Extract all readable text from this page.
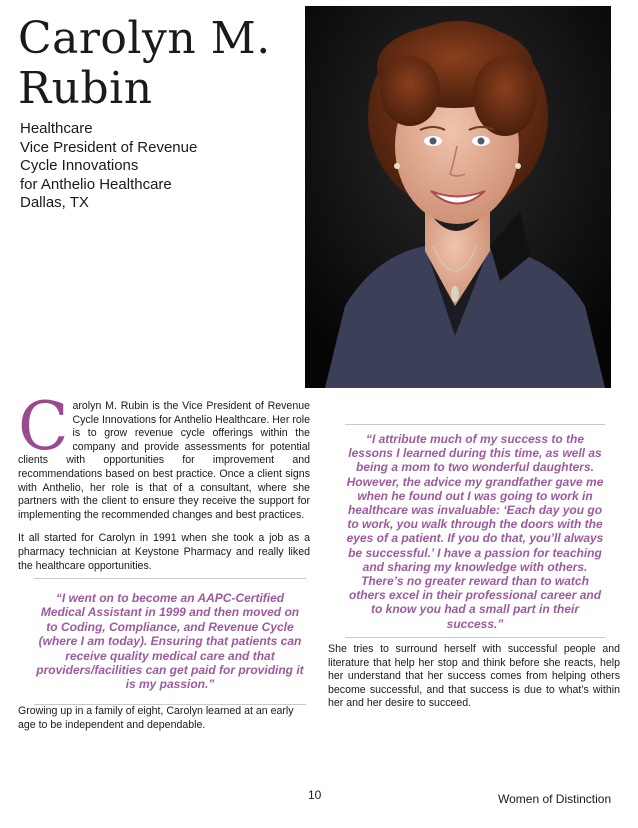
Carolyn M.
Rubin
Healthcare
Vice President of Revenue
Cycle Innovations
for Anthelio Healthcare
Dallas, TX

Carolyn M. Rubin is the Vice President of Revenue Cycle Innovations for Anthelio Healthcare. Her role is to grow revenue cycle offerings within the company and provide assessments for potential clients with opportunities for improvement and recommendations based on best practice. Once a client signs with Anthelio, her role is that of a consultant, where she partners with the client to ensure they receive the support for implementing the recommended changes and best practices.

It all started for Carolyn in 1991 when she took a job as a pharmacy technician at Keystone Pharmacy and really liked the healthcare opportunities.

“I went on to become an AAPC-Certified Medical Assistant in 1999 and then moved on to Coding, Compliance, and Revenue Cycle (where I am today). Ensuring that patients can receive quality medical care and that providers/facilities can get paid for providing it is my passion.”
Growing up in a family of eight, Carolyn learned at an early age to be independent and dependable.
“I attribute much of my success to the lessons I learned during this time, as well as being a mom to two wonderful daughters. However, the advice my grandfather gave me when he found out I was going to work in healthcare was invaluable: ‘Each day you go to work, you walk through the doors with the eyes of a patient. If you do that, you’ll always be successful.’ I have a passion for teaching and sharing my knowledge with others. There’s no greater reward than to watch others excel in their professional career and to know you had a small part in their success.”
She tries to surround herself with successful people and literature that help her stop and think before she reacts, help her understand that her success comes from helping others become successful, and that success is due to what’s within her and her desire to succeed.
10	Women of Distinction
